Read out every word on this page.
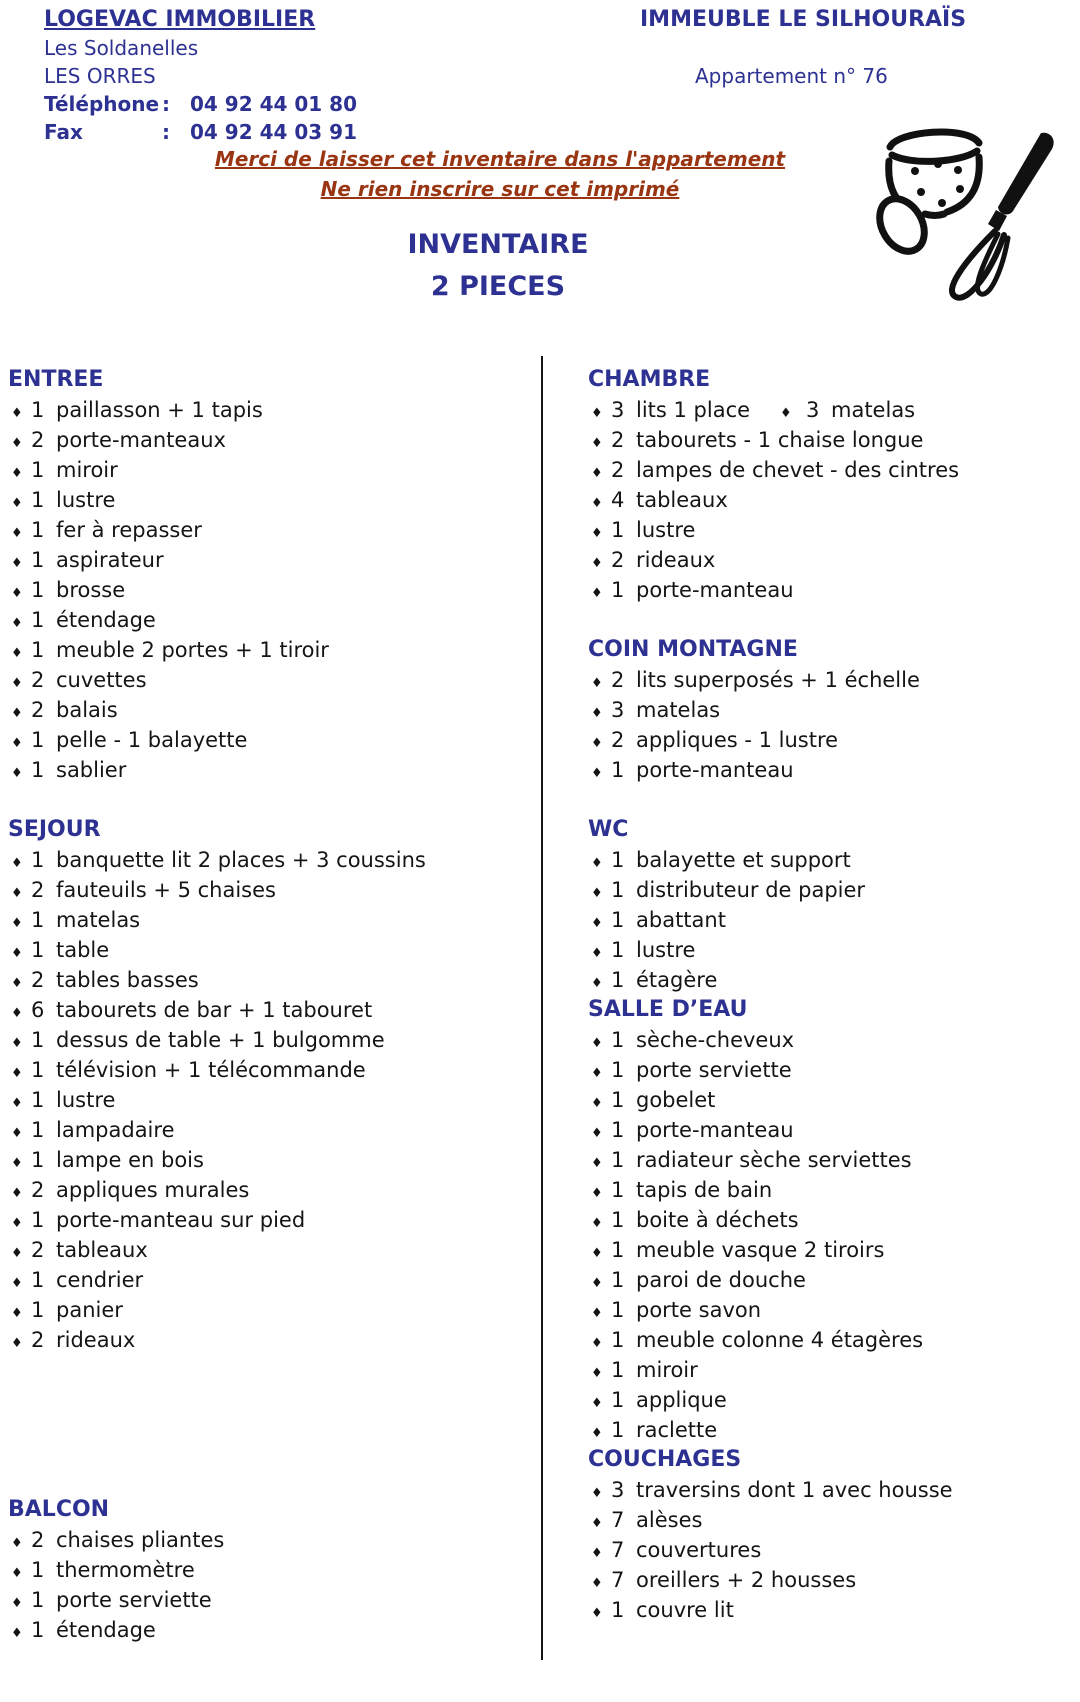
LOGEVAC IMMOBILIER
Les Soldanelles
LES ORRES
Téléphone :	04 92 44 01 80
Fax	:	04 92 44 03 91
IMMEUBLE LE SILHOURAÏS
Appartement n° 76
Merci de laisser cet inventaire dans l'appartement
Ne rien inscrire sur cet imprimé
INVENTAIRE
2 PIECES
ENTREE
♦ 1 paillasson + 1 tapis
♦ 2 porte-manteaux
♦ 1 miroir
♦ 1 lustre
♦ 1 fer à repasser
♦ 1 aspirateur
♦ 1 brosse
♦ 1 étendage
♦ 1 meuble 2 portes + 1 tiroir
♦ 2 cuvettes
♦ 2 balais
♦ 1 pelle - 1 balayette
♦ 1 sablier
SEJOUR
♦ 1 banquette lit 2 places + 3 coussins
♦ 2 fauteuils + 5 chaises
♦ 1 matelas
♦ 1 table
♦ 2 tables basses
♦ 6 tabourets de bar + 1 tabouret
♦ 1 dessus de table + 1 bulgomme
♦ 1 télévision + 1 télécommande
♦ 1 lustre
♦ 1 lampadaire
♦ 1 lampe en bois
♦ 2 appliques murales
♦ 1 porte-manteau sur pied
♦ 2 tableaux
♦ 1 cendrier
♦ 1 panier
♦ 2 rideaux
BALCON
♦ 2 chaises pliantes
♦ 1 thermomètre
♦ 1 porte serviette
♦ 1 étendage
CHAMBRE
♦ 3 lits 1 place	♦ 3 matelas
♦ 2 tabourets - 1 chaise longue
♦ 2 lampes de chevet - des cintres
♦ 4 tableaux
♦ 1 lustre
♦ 2 rideaux
♦ 1 porte-manteau
COIN MONTAGNE
♦ 2 lits superposés + 1 échelle
♦ 3 matelas
♦ 2 appliques - 1 lustre
♦ 1 porte-manteau
WC
♦ 1 balayette et support
♦ 1 distributeur de papier
♦ 1 abattant
♦ 1 lustre
♦ 1 étagère
SALLE D’EAU
♦ 1 sèche-cheveux
♦ 1 porte serviette
♦ 1 gobelet
♦ 1 porte-manteau
♦ 1 radiateur sèche serviettes
♦ 1 tapis de bain
♦ 1 boite à déchets
♦ 1 meuble vasque 2 tiroirs
♦ 1 paroi de douche
♦ 1 porte savon
♦ 1 meuble colonne 4 étagères
♦ 1 miroir
♦ 1 applique
♦ 1 raclette
COUCHAGES
♦ 3 traversins dont 1 avec housse
♦ 7 alèses
♦ 7 couvertures
♦ 7 oreillers + 2 housses
♦ 1 couvre lit
